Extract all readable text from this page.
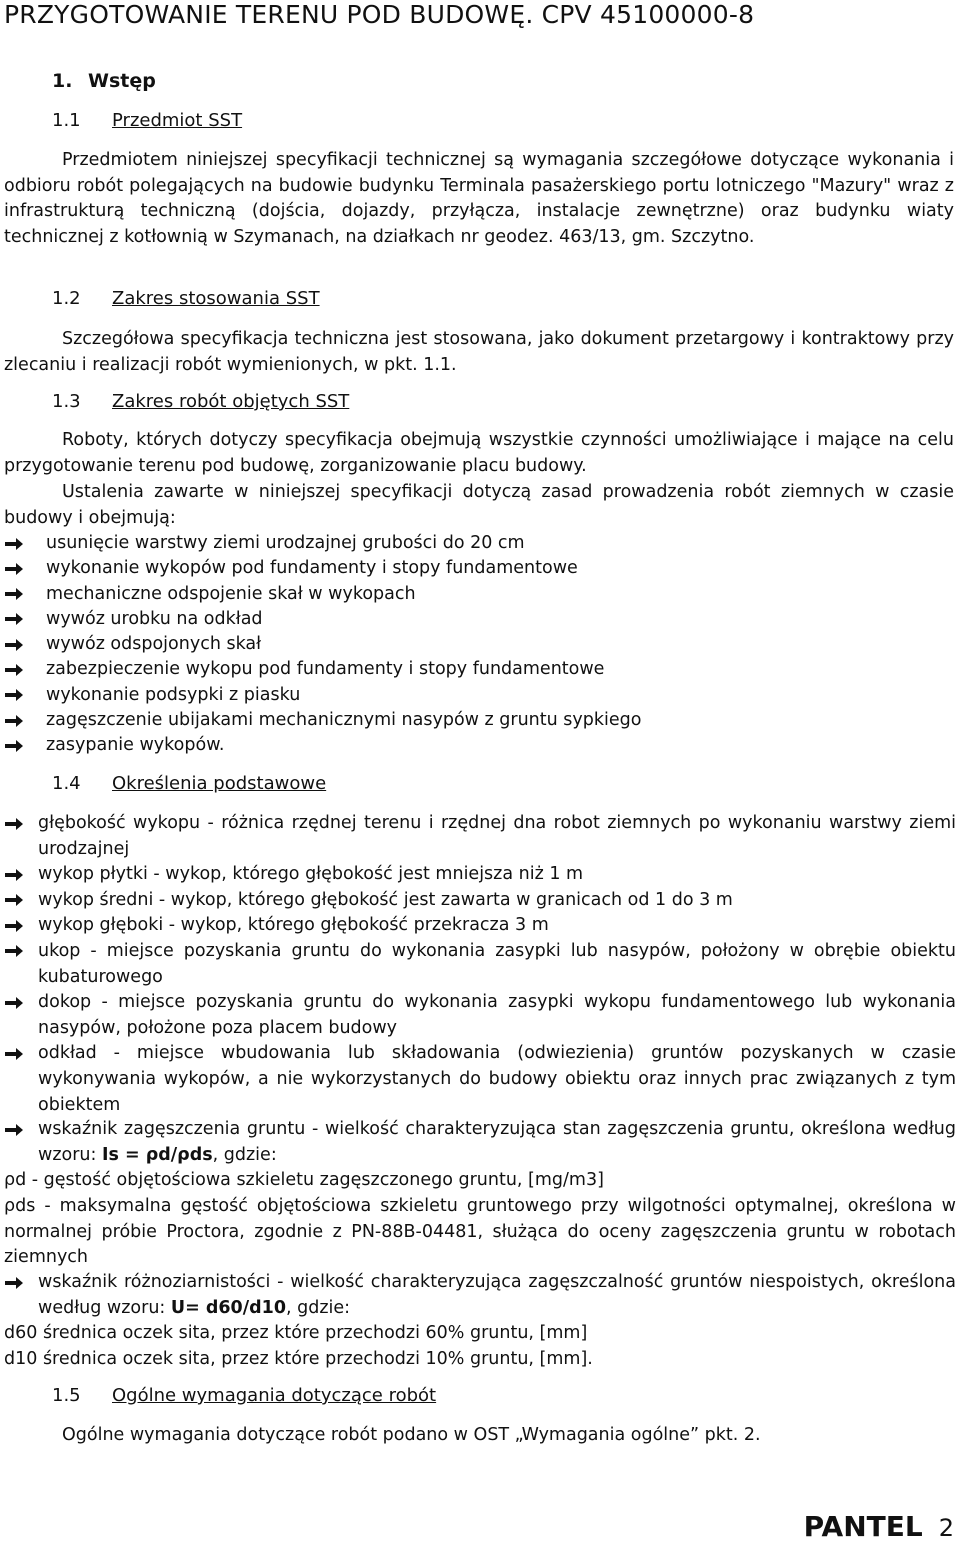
PRZYGOTOWANIE TERENU POD BUDOWĘ. CPV 45100000-8
1. Wstęp
1.1 Przedmiot SST
Przedmiotem niniejszej specyfikacji technicznej są wymagania szczegółowe dotyczące wykonania i odbioru robót polegających na budowie budynku Terminala pasażerskiego portu lotniczego "Mazury" wraz z infrastrukturą techniczną (dojścia, dojazdy, przyłącza, instalacje zewnętrzne) oraz budynku wiaty technicznej z kotłownią w Szymanach, na działkach nr geodez. 463/13, gm. Szczytno.
1.2 Zakres stosowania SST
Szczegółowa specyfikacja techniczna jest stosowana, jako dokument przetargowy i kontraktowy przy zlecaniu i realizacji robót wymienionych, w pkt. 1.1.
1.3 Zakres robót objętych SST
Roboty, których dotyczy specyfikacja obejmują wszystkie czynności umożliwiające i mające na celu przygotowanie terenu pod budowę, zorganizowanie placu budowy.
Ustalenia zawarte w niniejszej specyfikacji dotyczą zasad prowadzenia robót ziemnych w czasie budowy i obejmują:
usunięcie warstwy ziemi urodzajnej grubości do 20 cm
wykonanie wykopów pod fundamenty i stopy fundamentowe
mechaniczne odspojenie skał w wykopach
wywóz urobku na odkład
wywóz odspojonych skał
zabezpieczenie wykopu pod fundamenty i stopy fundamentowe
wykonanie podsypki z piasku
zagęszczenie ubijakami mechanicznymi nasypów z gruntu sypkiego
zasypanie wykopów.
1.4 Określenia podstawowe
głębokość wykopu - różnica rzędnej terenu i rzędnej dna robot ziemnych po wykonaniu warstwy ziemi urodzajnej
wykop płytki - wykop, którego głębokość jest mniejsza niż 1 m
wykop średni - wykop, którego głębokość jest zawarta w granicach od 1 do 3 m
wykop głęboki - wykop, którego głębokość przekracza 3 m
ukop - miejsce pozyskania gruntu do wykonania zasypki lub nasypów, położony w obrębie obiektu kubaturowego
dokop - miejsce pozyskania gruntu do wykonania zasypki wykopu fundamentowego lub wykonania nasypów, położone poza placem budowy
odkład - miejsce wbudowania lub składowania (odwiezienia) gruntów pozyskanych w czasie wykonywania wykopów, a nie wykorzystanych do budowy obiektu oraz innych prac związanych z tym obiektem
wskaźnik zagęszczenia gruntu - wielkość charakteryzująca stan zagęszczenia gruntu, określona według wzoru: Is = ρd/ρds, gdzie:
ρd - gęstość objętościowa szkieletu zagęszczonego gruntu, [mg/m3]
ρds - maksymalna gęstość objętościowa szkieletu gruntowego przy wilgotności optymalnej, określona w normalnej próbie Proctora, zgodnie z PN-88B-04481, służąca do oceny zagęszczenia gruntu w robotach ziemnych
wskaźnik różnoziarnistości - wielkość charakteryzująca zagęszczalność gruntów niespoistych, określona według wzoru: U= d60/d10, gdzie:
d60 średnica oczek sita, przez które przechodzi 60% gruntu, [mm]
d10 średnica oczek sita, przez które przechodzi 10% gruntu, [mm].
1.5 Ogólne wymagania dotyczące robót
Ogólne wymagania dotyczące robót podano w OST „Wymagania ogólne” pkt. 2.
PANTEL 2
